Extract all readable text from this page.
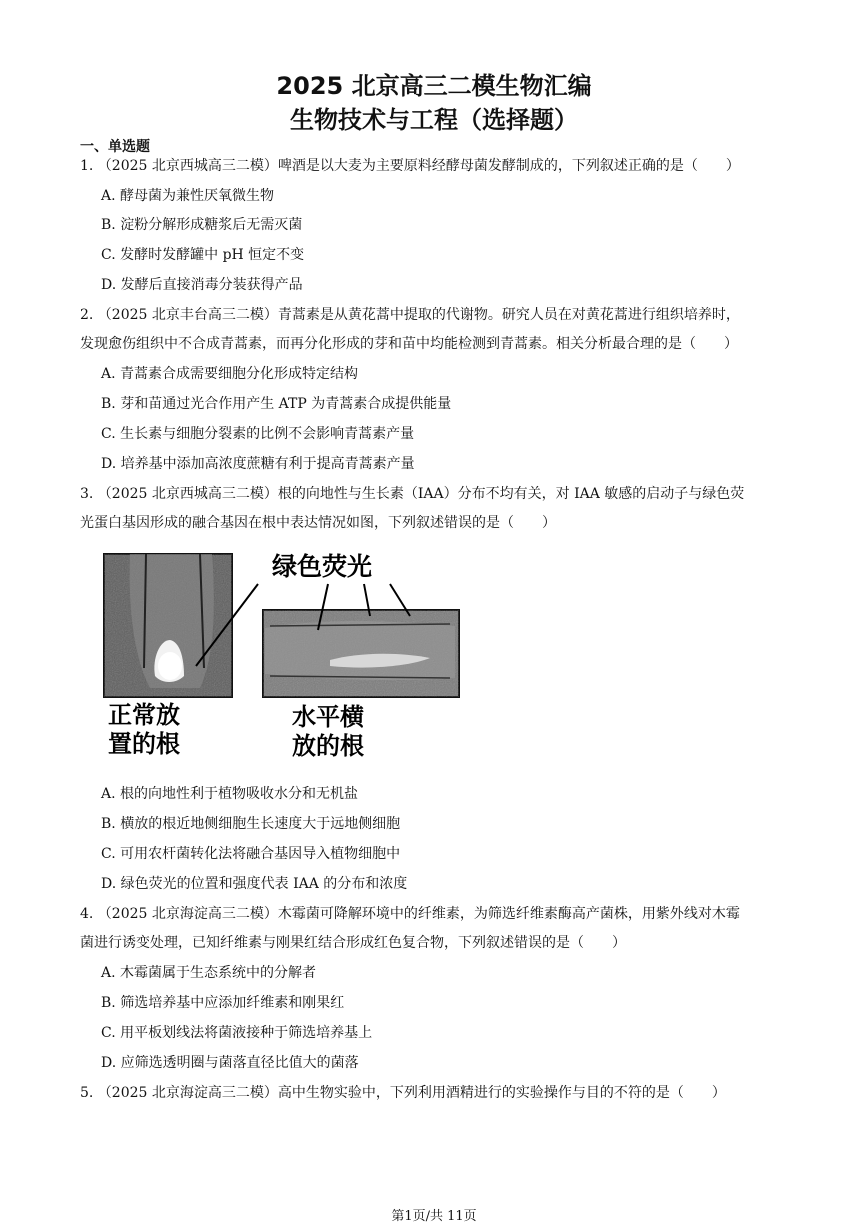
2025 北京高三二模生物汇编
生物技术与工程（选择题）
一、单选题
1. （2025 北京西城高三二模）啤酒是以大麦为主要原料经酵母菌发酵制成的，下列叙述正确的是（　　）
A. 酵母菌为兼性厌氧微生物
B. 淀粉分解形成糖浆后无需灭菌
C. 发酵时发酵罐中 pH 恒定不变
D. 发酵后直接消毒分装获得产品
2. （2025 北京丰台高三二模）青蒿素是从黄花蒿中提取的代谢物。研究人员在对黄花蒿进行组织培养时，
发现愈伤组织中不合成青蒿素，而再分化形成的芽和苗中均能检测到青蒿素。相关分析最合理的是（　　）
A. 青蒿素合成需要细胞分化形成特定结构
B. 芽和苗通过光合作用产生 ATP 为青蒿素合成提供能量
C. 生长素与细胞分裂素的比例不会影响青蒿素产量
D. 培养基中添加高浓度蔗糖有利于提高青蒿素产量
3. （2025 北京西城高三二模）根的向地性与生长素（IAA）分布不均有关，对 IAA 敏感的启动子与绿色荧
光蛋白基因形成的融合基因在根中表达情况如图，下列叙述错误的是（　　）
绿色荧光
正常放
置的根
水平横
放的根
A. 根的向地性利于植物吸收水分和无机盐
B. 横放的根近地侧细胞生长速度大于远地侧细胞
C. 可用农杆菌转化法将融合基因导入植物细胞中
D. 绿色荧光的位置和强度代表 IAA 的分布和浓度
4. （2025 北京海淀高三二模）木霉菌可降解环境中的纤维素，为筛选纤维素酶高产菌株，用紫外线对木霉
菌进行诱变处理，已知纤维素与刚果红结合形成红色复合物，下列叙述错误的是（　　）
A. 木霉菌属于生态系统中的分解者
B. 筛选培养基中应添加纤维素和刚果红
C. 用平板划线法将菌液接种于筛选培养基上
D. 应筛选透明圈与菌落直径比值大的菌落
5. （2025 北京海淀高三二模）高中生物实验中，下列利用酒精进行的实验操作与目的不符的是（　　）
第1页/共 11页
